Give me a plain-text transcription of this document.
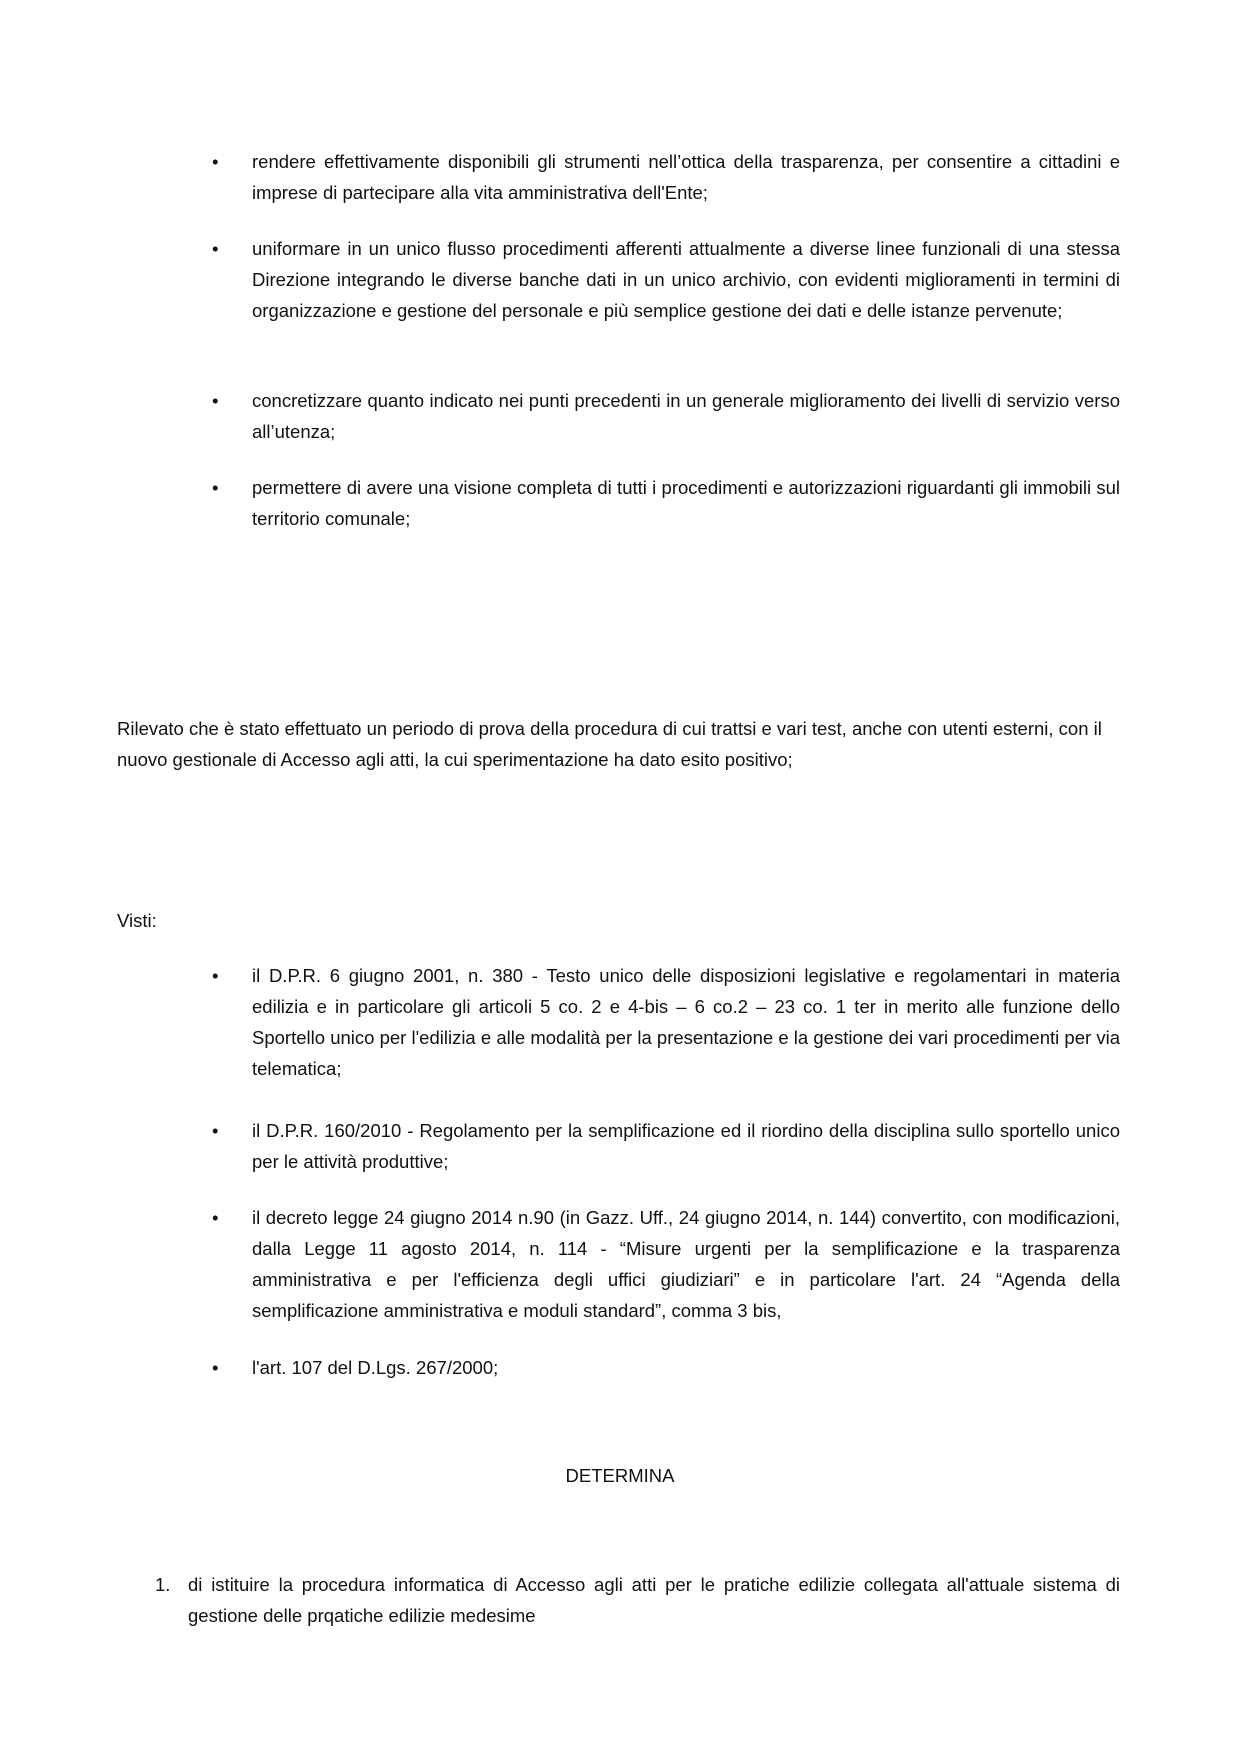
•	rendere effettivamente disponibili gli strumenti nell’ottica della trasparenza, per consentire a cittadini e imprese di partecipare alla vita amministrativa dell'Ente;
•	uniformare in un unico flusso procedimenti afferenti attualmente a diverse linee funzionali di una stessa Direzione integrando le diverse banche dati in un unico archivio, con evidenti miglioramenti in termini di organizzazione e gestione del personale e più semplice gestione dei dati e delle istanze pervenute;
•	concretizzare quanto indicato nei punti precedenti in un generale miglioramento dei livelli di servizio verso all’utenza;
•	permettere di avere una visione completa di tutti i procedimenti e autorizzazioni riguardanti gli immobili sul territorio comunale;
Rilevato che è stato effettuato un periodo di prova della procedura di cui trattsi e vari test, anche con utenti esterni, con il nuovo gestionale di Accesso agli atti, la cui sperimentazione ha dato esito positivo;
Visti:
•	il D.P.R. 6 giugno 2001, n. 380 - Testo unico delle disposizioni legislative e regolamentari in materia edilizia e in particolare gli articoli 5 co. 2 e 4-bis – 6 co.2 – 23 co. 1 ter in merito alle funzione dello Sportello unico per l'edilizia e alle modalità per la presentazione e la gestione dei vari procedimenti per via telematica;
•	il D.P.R. 160/2010 - Regolamento per la semplificazione ed il riordino della disciplina sullo sportello unico per le attività produttive;
•	il decreto legge 24 giugno 2014 n.90 (in Gazz. Uff., 24 giugno 2014, n. 144) convertito, con modificazioni, dalla Legge 11 agosto 2014, n. 114 - “Misure urgenti per la semplificazione e la trasparenza amministrativa e per l'efficienza degli uffici giudiziari” e in particolare l'art. 24 “Agenda della semplificazione amministrativa e moduli standard”, comma 3 bis,
•	l'art. 107 del D.Lgs. 267/2000;
DETERMINA
1. di istituire la procedura informatica di Accesso agli atti per le pratiche edilizie collegata all'attuale sistema di gestione delle prqatiche edilizie medesime
